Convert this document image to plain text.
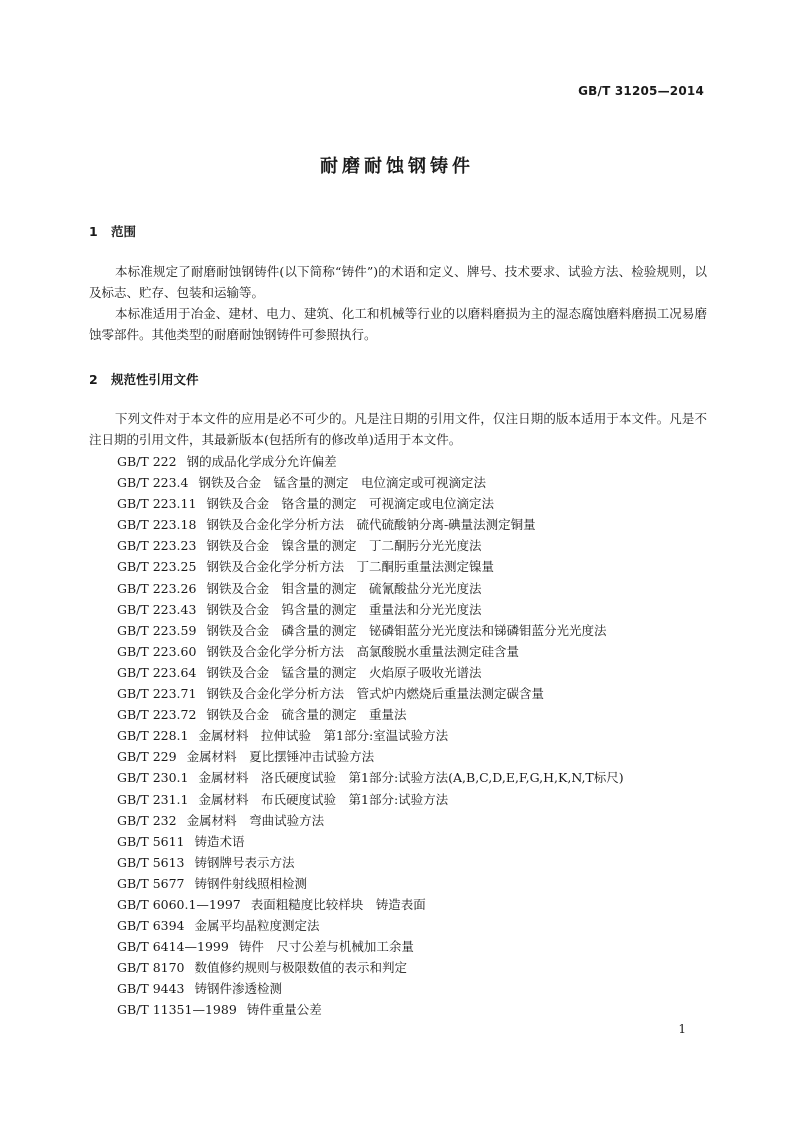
GB/T 31205—2014
耐磨耐蚀钢铸件
1 范围

本标准规定了耐磨耐蚀钢铸件(以下简称“铸件”)的术语和定义、牌号、技术要求、试验方法、检验规则，以及标志、贮存、包装和运输等。

本标准适用于冶金、建材、电力、建筑、化工和机械等行业的以磨料磨损为主的湿态腐蚀磨料磨损工况易磨蚀零部件。其他类型的耐磨耐蚀钢铸件可参照执行。

2 规范性引用文件

下列文件对于本文件的应用是必不可少的。凡是注日期的引用文件，仅注日期的版本适用于本文件。凡是不注日期的引用文件，其最新版本(包括所有的修改单)适用于本文件。

GB/T 222 钢的成品化学成分允许偏差
GB/T 223.4 钢铁及合金　锰含量的测定　电位滴定或可视滴定法
GB/T 223.11 钢铁及合金　铬含量的测定　可视滴定或电位滴定法
GB/T 223.18 钢铁及合金化学分析方法　硫代硫酸钠分离-碘量法测定铜量
GB/T 223.23 钢铁及合金　镍含量的测定　丁二酮肟分光光度法
GB/T 223.25 钢铁及合金化学分析方法　丁二酮肟重量法测定镍量
GB/T 223.26 钢铁及合金　钼含量的测定　硫氰酸盐分光光度法
GB/T 223.43 钢铁及合金　钨含量的测定　重量法和分光光度法
GB/T 223.59 钢铁及合金　磷含量的测定　铋磷钼蓝分光光度法和锑磷钼蓝分光光度法
GB/T 223.60 钢铁及合金化学分析方法　高氯酸脱水重量法测定硅含量
GB/T 223.64 钢铁及合金　锰含量的测定　火焰原子吸收光谱法
GB/T 223.71 钢铁及合金化学分析方法　管式炉内燃烧后重量法测定碳含量
GB/T 223.72 钢铁及合金　硫含量的测定　重量法
GB/T 228.1 金属材料　拉伸试验　第1部分:室温试验方法
GB/T 229 金属材料　夏比摆锤冲击试验方法
GB/T 230.1 金属材料　洛氏硬度试验　第1部分:试验方法(A,B,C,D,E,F,G,H,K,N,T标尺)
GB/T 231.1 金属材料　布氏硬度试验　第1部分:试验方法
GB/T 232 金属材料　弯曲试验方法
GB/T 5611 铸造术语
GB/T 5613 铸钢牌号表示方法
GB/T 5677 铸钢件射线照相检测
GB/T 6060.1—1997 表面粗糙度比较样块　铸造表面
GB/T 6394 金属平均晶粒度测定法
GB/T 6414—1999 铸件　尺寸公差与机械加工余量
GB/T 8170 数值修约规则与极限数值的表示和判定
GB/T 9443 铸钢件渗透检测
GB/T 11351—1989 铸件重量公差
1
